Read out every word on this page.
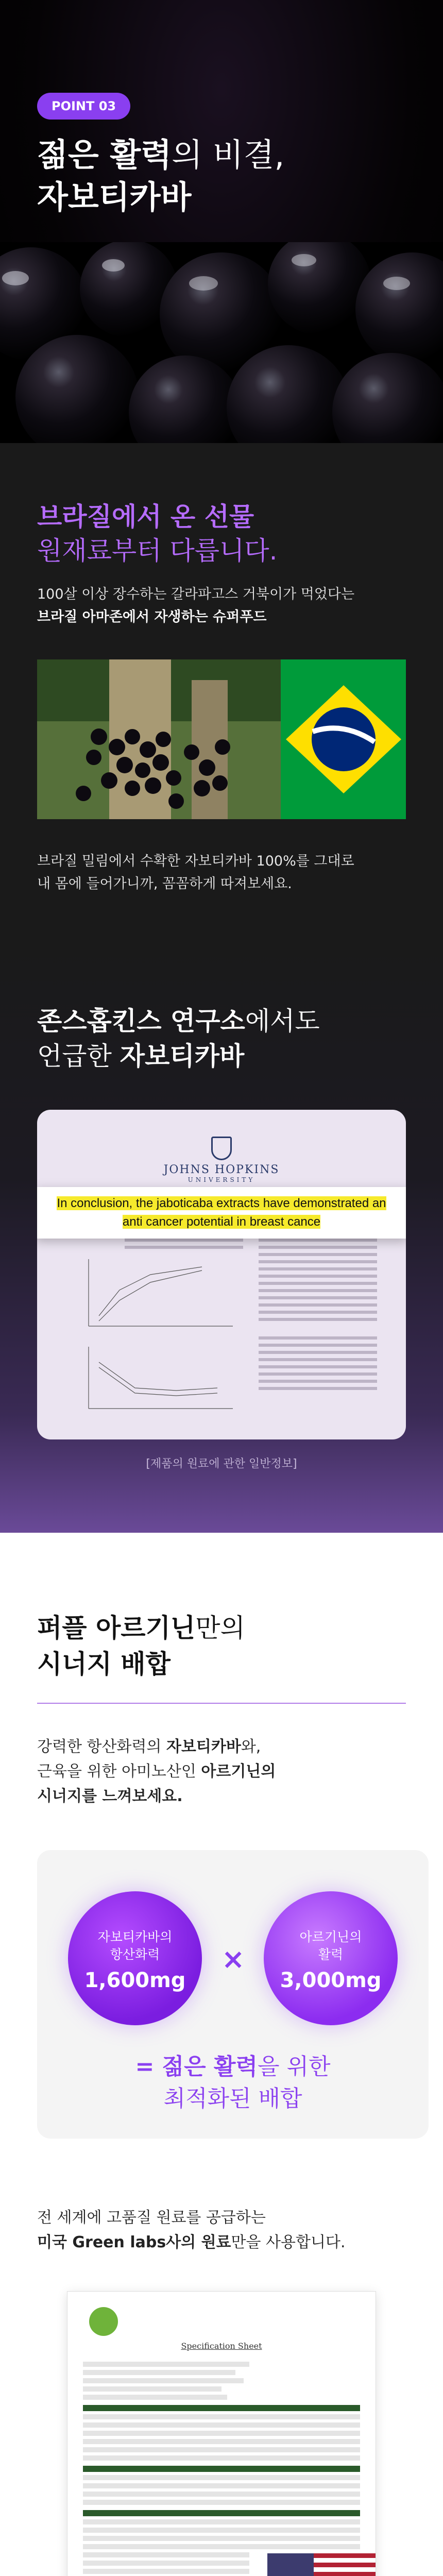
POINT 03
젊은 활력의 비결,
자보티카바
브라질에서 온 선물
원재료부터 다릅니다.
100살 이상 장수하는 갈라파고스 거북이가 먹었다는
브라질 아마존에서 자생하는 슈퍼푸드
브라질 밀림에서 수확한 자보티카바 100%를 그대로
내 몸에 들어가니까, 꼼꼼하게 따져보세요.
존스홉킨스 연구소에서도
언급한 자보티카바
JOHNS HOPKINS
UNIVERSITY
In conclusion, the jaboticaba extracts have demonstrated an anti cancer potential in breast cance
[제품의 원료에 관한 일반정보]
퍼플 아르기닌만의
시너지 배합
강력한 항산화력의 자보티카바와,
근육을 위한 아미노산인 아르기닌의
시너지를 느껴보세요.
자보티카바의
항산화력
1,600mg
×
아르기닌의
활력
3,000mg
= 젊은 활력을 위한
최적화된 배합
전 세계에 고품질 원료를 공급하는
미국 Green labs사의 원료만을 사용합니다.
Specification Sheet
